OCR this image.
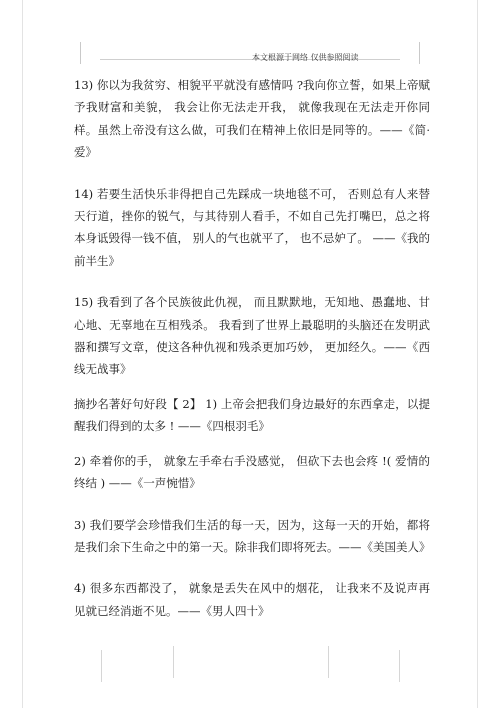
本文根源于网络 仅供参照阅读

13) 你以为我贫穷、相貌平平就没有感情吗 ?我向你立誓，如果上帝赋予我财富和美貌， 我会让你无法走开我， 就像我现在无法走开你同样。虽然上帝没有这么做，可我们在精神上依旧是同等的。——《简·爱》

14) 若要生活快乐非得把自己先踩成一块地毯不可， 否则总有人来替天行道，挫你的锐气，与其待别人看手，不如自己先打嘴巴，总之将本身诋毁得一钱不值， 别人的气也就平了， 也不忌妒了。 ——《我的前半生》

15) 我看到了各个民族彼此仇视， 而且默默地，无知地、愚蠢地、甘心地、无辜地在互相残杀。 我看到了世界上最聪明的头脑还在发明武器和撰写文章，使这各种仇视和残杀更加巧妙， 更加经久。——《西线无战事》

摘抄名著好句好段【 2】 1) 上帝会把我们身边最好的东西拿走，以提醒我们得到的太多 ! ——《四根羽毛》

2) 牵着你的手， 就象左手牵右手没感觉， 但砍下去也会疼 !( 爱情的终结 ) ——《一声惋惜》

3) 我们要学会珍惜我们生活的每一天，因为，这每一天的开始，都将是我们余下生命之中的第一天。除非我们即将死去。——《美国美人》

4) 很多东西都没了， 就象是丢失在风中的烟花， 让我来不及说声再见就已经消逝不见。——《男人四十》
